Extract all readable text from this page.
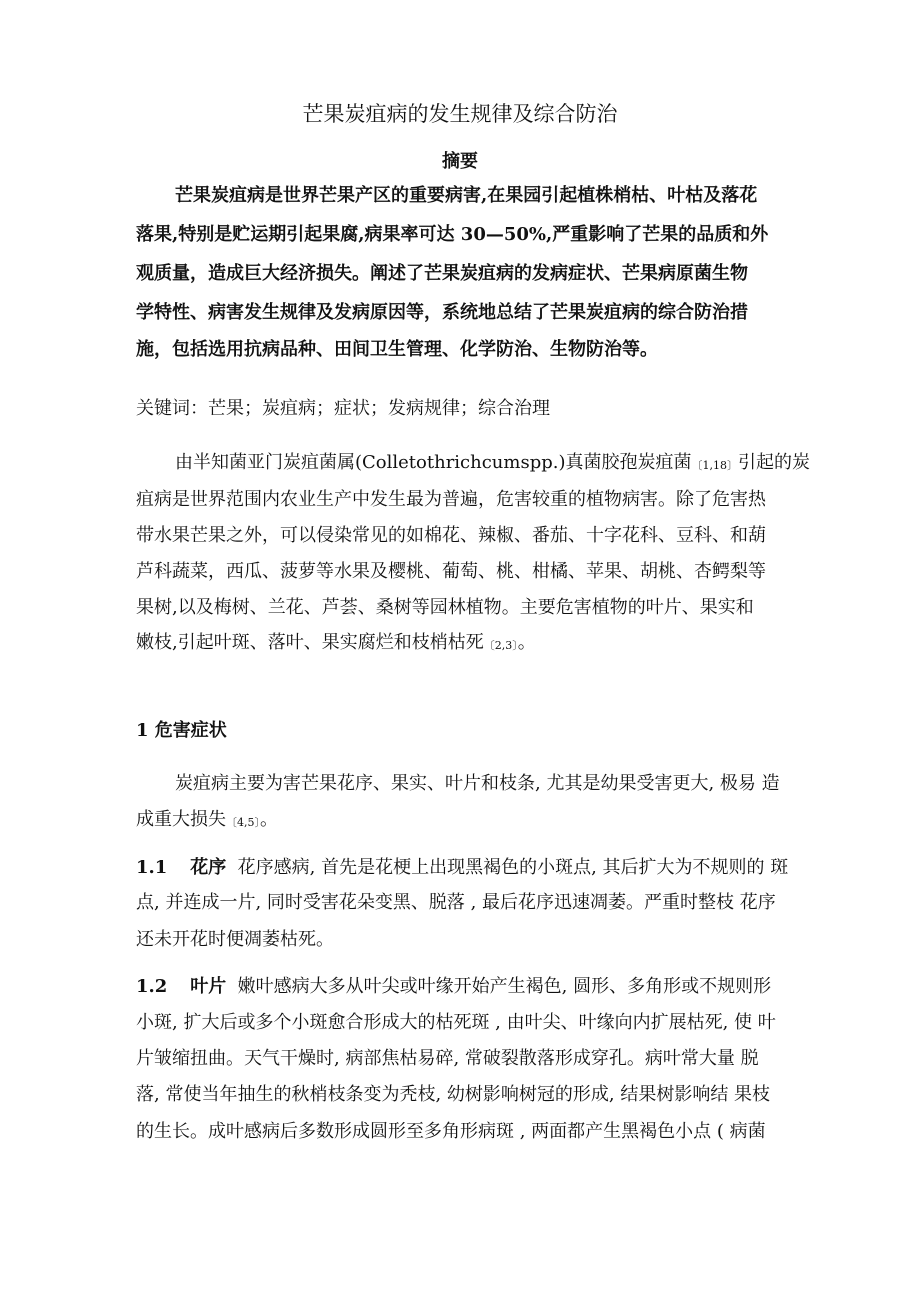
芒果炭疽病的发生规律及综合防治
摘要
芒果炭疽病是世界芒果产区的重要病害,在果园引起植株梢枯、叶枯及落花
落果,特别是贮运期引起果腐,病果率可达 30—50%,严重影响了芒果的品质和外
观质量，造成巨大经济损失。阐述了芒果炭疽病的发病症状、芒果病原菌生物
学特性、病害发生规律及发病原因等，系统地总结了芒果炭疽病的综合防治措
施，包括选用抗病品种、田间卫生管理、化学防治、生物防治等。
关键词：芒果；炭疽病；症状；发病规律；综合治理
由半知菌亚门炭疽菌属(Colletothrichcumspp.)真菌胶孢炭疽菌$_{〔1,18〕}$引起的炭
疽病是世界范围内农业生产中发生最为普遍，危害较重的植物病害。除了危害热
带水果芒果之外，可以侵染常见的如棉花、辣椒、番茄、十字花科、豆科、和葫
芦科蔬菜，西瓜、菠萝等水果及樱桃、葡萄、桃、柑橘、苹果、胡桃、杏鳄梨等
果树,以及梅树、兰花、芦荟、桑树等园林植物。主要危害植物的叶片、果实和
嫩枝,引起叶斑、落叶、果实腐烂和枝梢枯死$_{〔2,3〕}$。
1 危害症状
炭疽病主要为害芒果花序、果实、叶片和枝条, 尤其是幼果受害更大, 极易 造
成重大损失$_{〔4,5〕}$。
1.1 花序 花序感病, 首先是花梗上出现黑褐色的小斑点, 其后扩大为不规则的 斑
点, 并连成一片, 同时受害花朵变黑、脱落 , 最后花序迅速凋萎。严重时整枝 花序
还未开花时便凋萎枯死。
1.2 叶片 嫩叶感病大多从叶尖或叶缘开始产生褐色, 圆形、多角形或不规则形
小斑, 扩大后或多个小斑愈合形成大的枯死斑 , 由叶尖、叶缘向内扩展枯死, 使 叶
片皱缩扭曲。天气干燥时, 病部焦枯易碎, 常破裂散落形成穿孔。病叶常大量 脱
落, 常使当年抽生的秋梢枝条变为秃枝, 幼树影响树冠的形成, 结果树影响结 果枝
的生长。成叶感病后多数形成圆形至多角形病斑 , 两面都产生黑褐色小点 ( 病菌
